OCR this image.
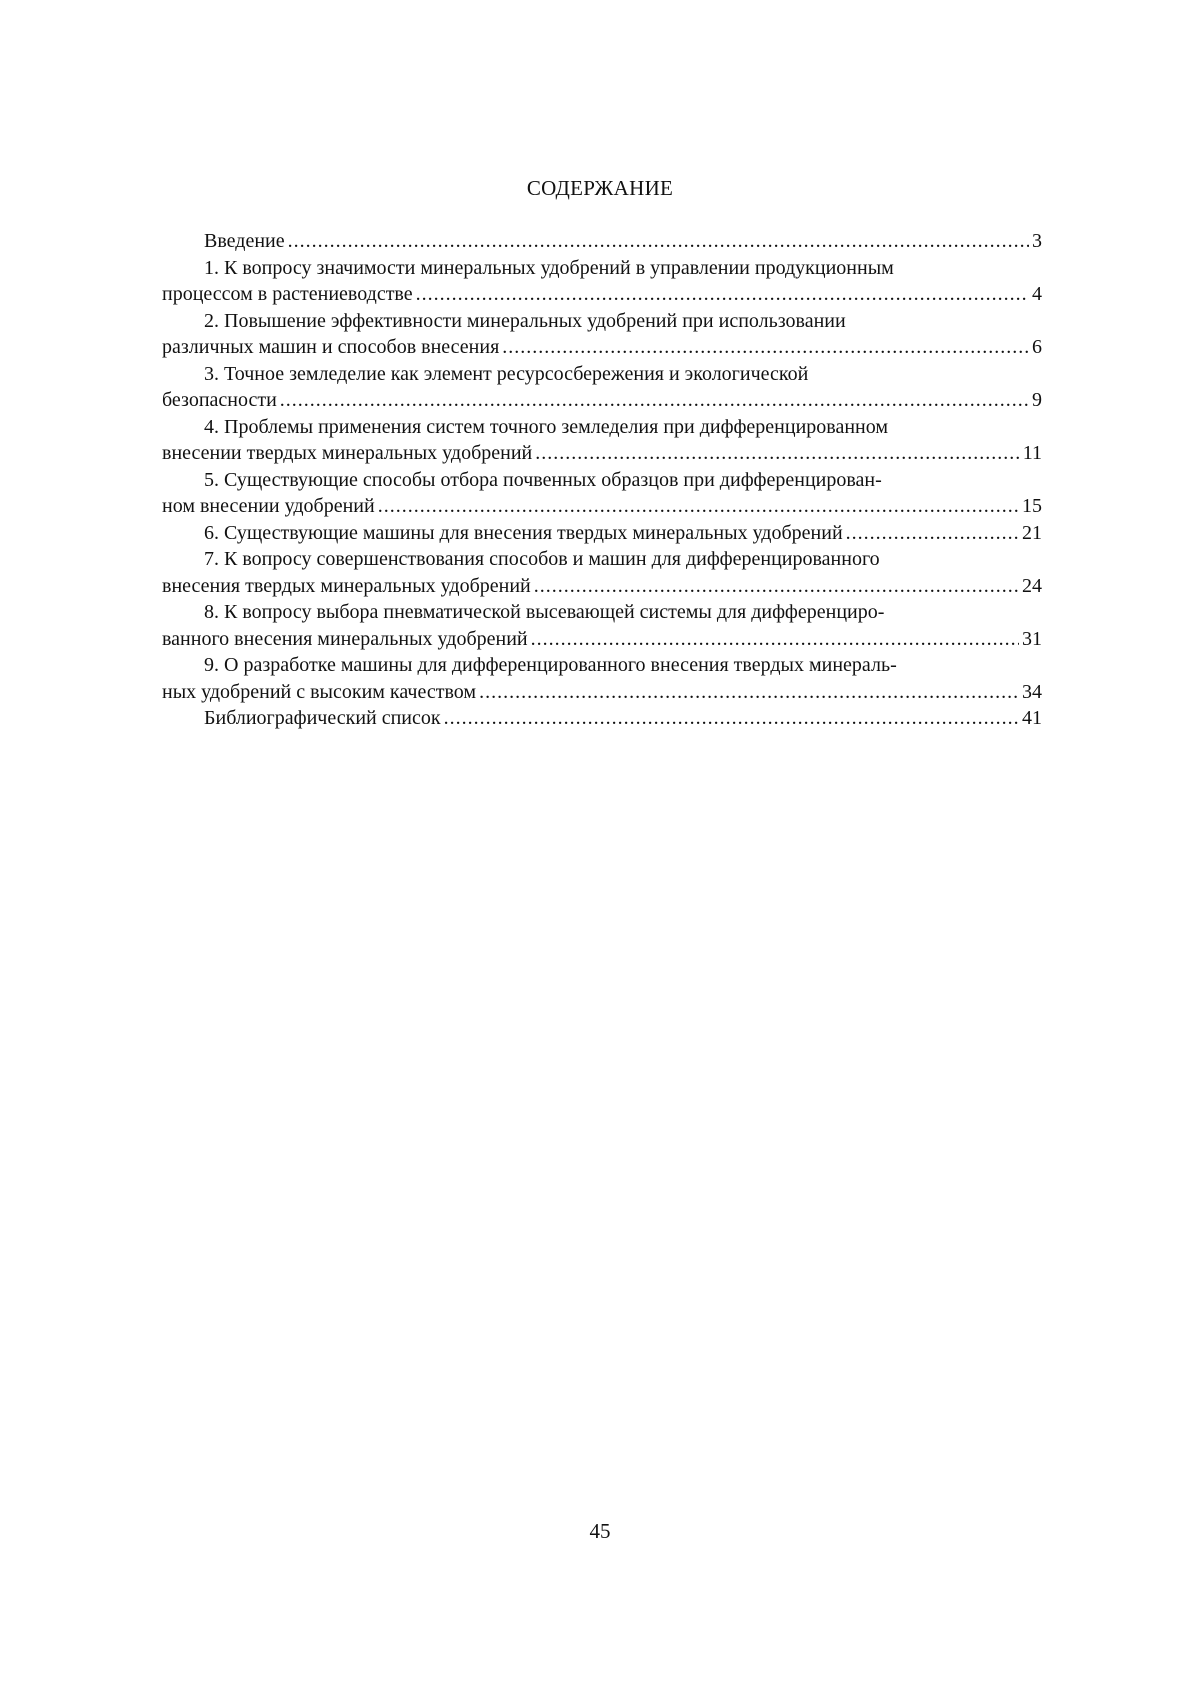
СОДЕРЖАНИЕ
Введение .....	3
1. К вопросу значимости минеральных удобрений в управлении продукционным
процессом в растениеводстве .....	4
2. Повышение эффективности минеральных удобрений при использовании
различных машин и способов внесения .....	6
3. Точное земледелие как элемент ресурсосбережения и экологической
безопасности .....	9
4. Проблемы применения систем точного земледелия при дифференцированном
внесении твердых минеральных удобрений .....	11
5. Существующие способы отбора почвенных образцов при дифференцирован-
ном внесении удобрений .....	15
6. Существующие машины для внесения твердых минеральных удобрений .....	21
7. К вопросу совершенствования способов и машин для дифференцированного
внесения твердых минеральных удобрений .....	24
8. К вопросу выбора пневматической высевающей системы для дифференциро-
ванного внесения минеральных удобрений .....	31
9. О разработке машины для дифференцированного внесения твердых минераль-
ных удобрений с высоким качеством .....	34
Библиографический список .....	41
45
